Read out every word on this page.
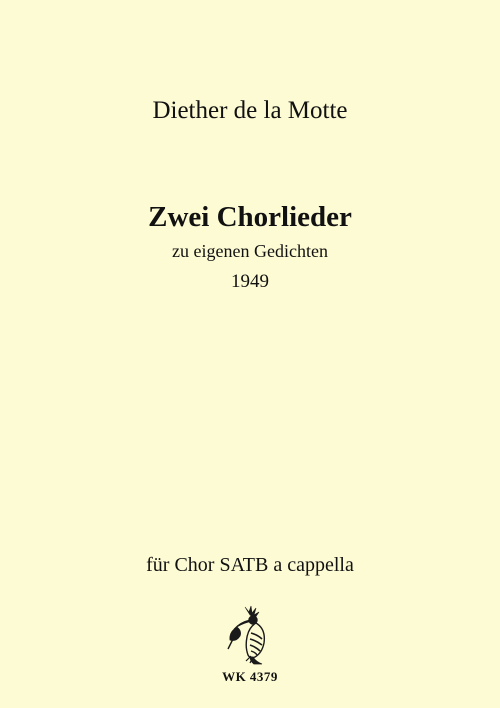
Diether de la Motte
Zwei Chorlieder
zu eigenen Gedichten
1949
für Chor SATB a cappella
WK 4379
